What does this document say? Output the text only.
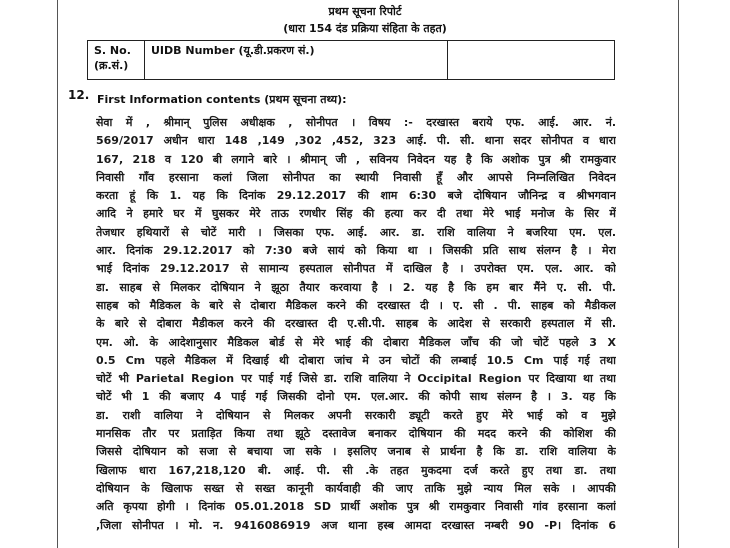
प्रथम सूचना रिपोर्ट
(धारा 154 दंड प्रक्रिया संहिता के तहत)
S. No.
(क्र.सं.)
	UIDB Number (यू.डी.प्रकरण सं.)	
12. First Information contents (प्रथम सूचना तथ्य):
सेवा में , श्रीमान् पुलिस अधीक्षक , सोनीपत । विषय :- दरखास्त बराये एफ. आई. आर. नं.
569/2017 अधीन धारा 148 ,149 ,302 ,452, 323 आई. पी. सी. थाना सदर सोनीपत व धारा
167, 218 व 120 बी लगाने बारे । श्रीमान् जी , सविनय निवेदन यह है कि अशोक पुत्र श्री रामकुवार
निवासी गाँव हरसाना कलां जिला सोनीपत का स्थायी निवासी हूँ और आपसे निम्नलिखित निवेदन
करता हूं कि 1. यह कि दिनांक 29.12.2017 की शाम 6:30 बजे दोषियान जौनिन्द्र व श्रीभगवान
आदि ने हमारे घर में घुसकर मेरे ताऊ रणधीर सिंह की हत्या कर दी तथा मेरे भाई मनोज के सिर में
तेजधार हथियारों से चोटें मारी । जिसका एफ. आई. आर. डा. राशि वालिया ने बजरिया एम. एल.
आर. दिनांक 29.12.2017 को 7:30 बजे सायं को किया था । जिसकी प्रति साथ संलग्न है । मेरा
भाई दिनांक 29.12.2017 से सामान्य हस्पताल सोनीपत में दाखिल है । उपरोक्त एम. एल. आर. को
डा. साहब से मिलकर दोषियान ने झूठा तैयार करवाया है । 2. यह है कि हम बार मैंने ए. सी. पी.
साहब को मैडिकल के बारे से दोबारा मैडिकल करने की दरखास्त दी । ए. सी . पी. साहब को मैडीकल
के बारे से दोबारा मैडीकल करने की दरखास्त दी ए.सी.पी. साहब के आदेश से सरकारी हस्पताल में सी.
एम. ओ. के आदेशानुसार मैडिकल बोर्ड से मेरे भाई की दोबारा मैडिकल जाँच की जो चोटें पहले 3 X
0.5 Cm पहले मैडिकल में दिखाई थी दोबारा जांच मे उन चोटों की लम्बाई 10.5 Cm पाई गई तथा
चोटें भी Parietal Region पर पाई गई जिसे डा. राशि वालिया ने Occipital Region पर दिखाया था तथा
चोटें भी 1 की बजाए 4 पाई गई जिसकी दोनो एम. एल.आर. की कोपी साथ संलग्न है । 3. यह कि
डा. राशी वालिया ने दोषियान से मिलकर अपनी सरकारी ड्यूटी करते हुए मेरे भाई को व मुझे
मानसिक तौर पर प्रताड़ित किया तथा झूठे दस्तावेज बनाकर दोषियान की मदद करने की कोशिश की
जिससे दोषियान को सजा से बचाया जा सके । इसलिए जनाब से प्रार्थना है कि डा. राशि वालिया के
खिलाफ धारा 167,218,120 बी. आई. पी. सी .के तहत मुकदमा दर्ज करते हुए तथा डा. तथा
दोषियान के खिलाफ सख्त से सख्त कानूनी कार्यवाही की जाए ताकि मुझे न्याय मिल सके । आपकी
अति कृपया होगी । दिनांक 05.01.2018 SD प्रार्थी अशोक पुत्र श्री रामकुवार निवासी गांव हरसाना कलां
,जिला सोनीपत । मो. न. 9416086919 अज थाना हस्ब आमदा दरखास्त नम्बरी 90 -P। दिनांक 6
